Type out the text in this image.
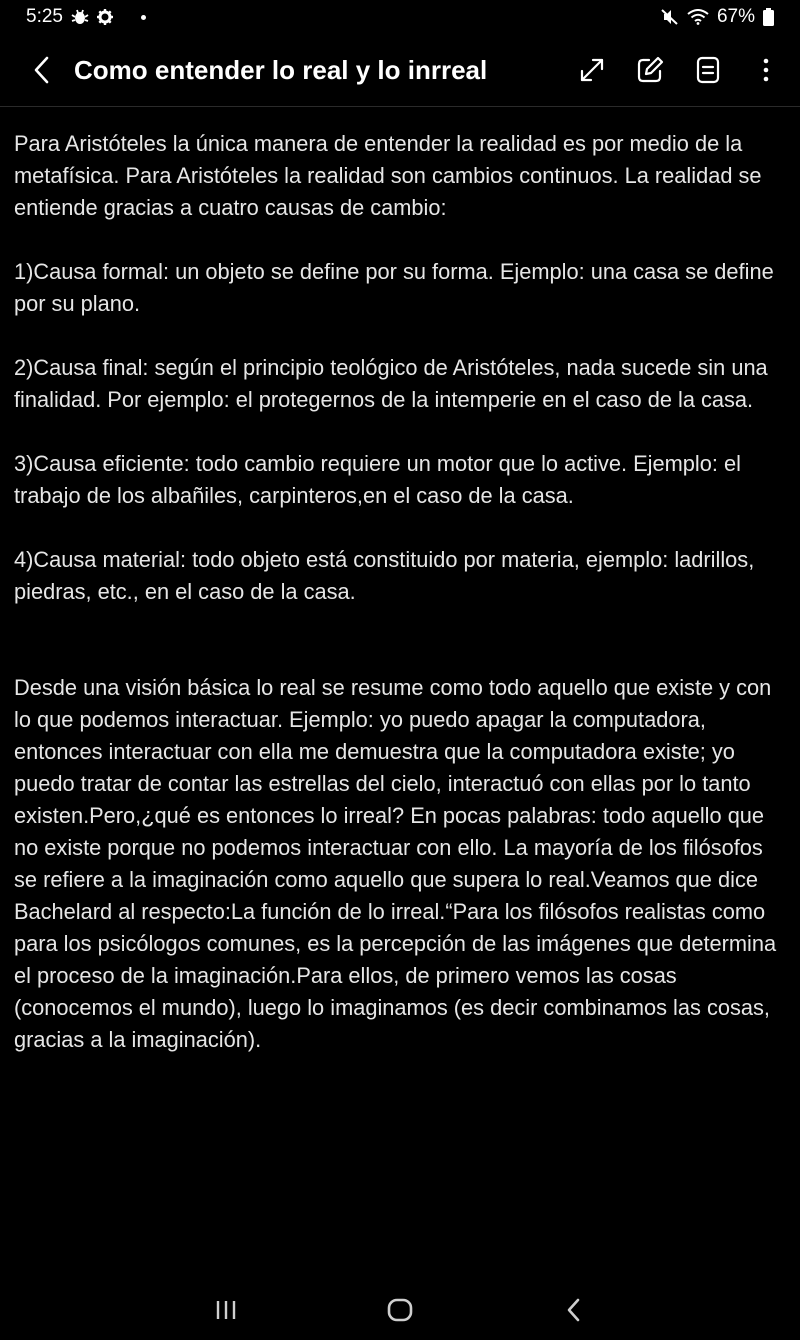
5:25	67%
Como entender lo real y lo inrreal

Para Aristóteles la única manera de entender la realidad es por medio de la metafísica. Para Aristóteles la realidad son cambios continuos. La realidad se entiende gracias a cuatro causas de cambio:

1)Causa formal: un objeto se define por su forma. Ejemplo: una casa se define por su plano.

2)Causa final: según el principio teológico de Aristóteles, nada sucede sin una finalidad. Por ejemplo: el protegernos de la intemperie en el caso de la casa.

3)Causa eficiente: todo cambio requiere un motor que lo active. Ejemplo: el trabajo de los albañiles, carpinteros,en el caso de la casa.

4)Causa material: todo objeto está constituido por materia, ejemplo: ladrillos, piedras, etc., en el caso de la casa.

Desde una visión básica lo real se resume como todo aquello que existe y con lo que podemos interactuar. Ejemplo: yo puedo apagar la computadora, entonces interactuar con ella me demuestra que la computadora existe; yo puedo tratar de contar las estrellas del cielo, interactuó con ellas por lo tanto existen.Pero,¿qué es entonces lo irreal? En pocas palabras: todo aquello que no existe porque no podemos interactuar con ello. La mayoría de los filósofos se refiere a la imaginación como aquello que supera lo real.Veamos que dice Bachelard al respecto:La función de lo irreal.“Para los filósofos realistas como para los psicólogos comunes, es la percepción de las imágenes que determina el proceso de la imaginación.Para ellos, de primero vemos las cosas (conocemos el mundo), luego lo imaginamos (es decir combinamos las cosas, gracias a la imaginación).
